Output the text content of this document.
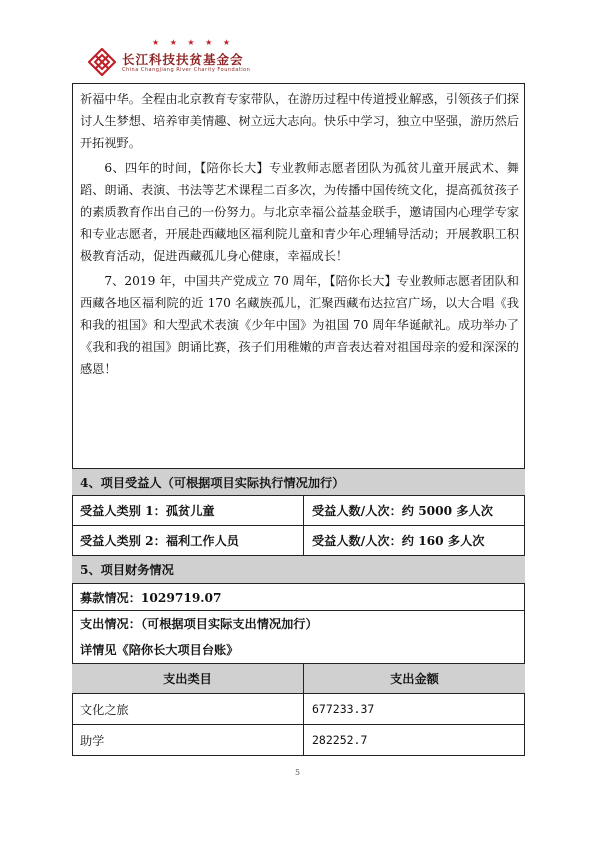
★ ★ ★ ★ ★
长江科技扶贫基金会
China Changjiang River Charity Foundation

祈福中华。全程由北京教育专家带队，在游历过程中传道授业解惑，引领孩子们探讨人生梦想、培养审美情趣、树立远大志向。快乐中学习，独立中坚强，游历然后开拓视野。

6、四年的时间，【陪你长大】专业教师志愿者团队为孤贫儿童开展武术、舞蹈、朗诵、表演、书法等艺术课程二百多次，为传播中国传统文化，提高孤贫孩子的素质教育作出自己的一份努力。与北京幸福公益基金联手，邀请国内心理学专家和专业志愿者，开展赴西藏地区福利院儿童和青少年心理辅导活动；开展教职工积极教育活动，促进西藏孤儿身心健康，幸福成长！

7、2019 年，中国共产党成立 70 周年，【陪你长大】专业教师志愿者团队和西藏各地区福利院的近 170 名藏族孤儿，汇聚西藏布达拉宫广场，以大合唱《我和我的祖国》和大型武术表演《少年中国》为祖国 70 周年华诞献礼。成功举办了《我和我的祖国》朗诵比赛，孩子们用稚嫩的声音表达着对祖国母亲的爱和深深的感恩！

4、项目受益人（可根据项目实际执行情况加行）
受益人类别 1：孤贫儿童	受益人数/人次：约 5000 多人次
受益人类别 2：福利工作人员	受益人数/人次：约 160 多人次
5、项目财务情况
募款情况：1029719.07
支出情况：（可根据项目实际支出情况加行）
详情见《陪你长大项目台账》
支出类目	支出金额
文化之旅	677233.37
助学	282252.7
5
